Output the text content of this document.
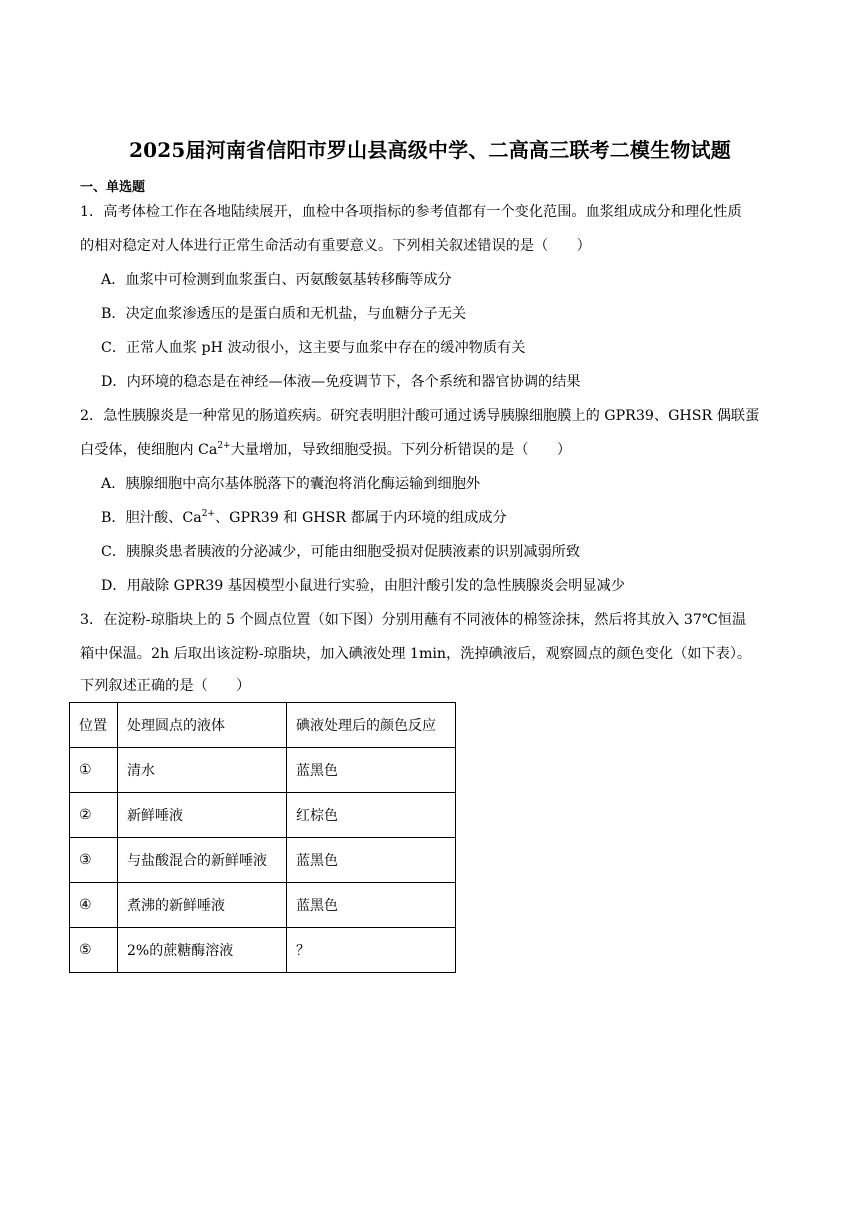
2025届河南省信阳市罗山县高级中学、二高高三联考二模生物试题
一、单选题
1．高考体检工作在各地陆续展开，血检中各项指标的参考值都有一个变化范围。血浆组成成分和理化性质
的相对稳定对人体进行正常生命活动有重要意义。下列相关叙述错误的是（　　）
A．血浆中可检测到血浆蛋白、丙氨酸氨基转移酶等成分
B．决定血浆渗透压的是蛋白质和无机盐，与血糖分子无关
C．正常人血浆 pH 波动很小，这主要与血浆中存在的缓冲物质有关
D．内环境的稳态是在神经—体液—免疫调节下，各个系统和器官协调的结果
2．急性胰腺炎是一种常见的肠道疾病。研究表明胆汁酸可通过诱导胰腺细胞膜上的 GPR39、GHSR 偶联蛋
白受体，使细胞内 $Ca^{2+}$大量增加，导致细胞受损。下列分析错误的是（　　）
A．胰腺细胞中高尔基体脱落下的囊泡将消化酶运输到细胞外
B．胆汁酸、$Ca^{2+}$、GPR39 和 GHSR 都属于内环境的组成成分
C．胰腺炎患者胰液的分泌减少，可能由细胞受损对促胰液素的识别减弱所致
D．用敲除 GPR39 基因模型小鼠进行实验，由胆汁酸引发的急性胰腺炎会明显减少
3．在淀粉-琼脂块上的 5 个圆点位置（如下图）分别用蘸有不同液体的棉签涂抹，然后将其放入 37℃恒温
箱中保温。2h 后取出该淀粉-琼脂块，加入碘液处理 1min，洗掉碘液后，观察圆点的颜色变化（如下表）。
下列叙述正确的是（　　）
位置	处理圆点的液体	碘液处理后的颜色反应
①	清水	蓝黑色
②	新鲜唾液	红棕色
③	与盐酸混合的新鲜唾液	蓝黑色
④	煮沸的新鲜唾液	蓝黑色
⑤	2%的蔗糖酶溶液	？
